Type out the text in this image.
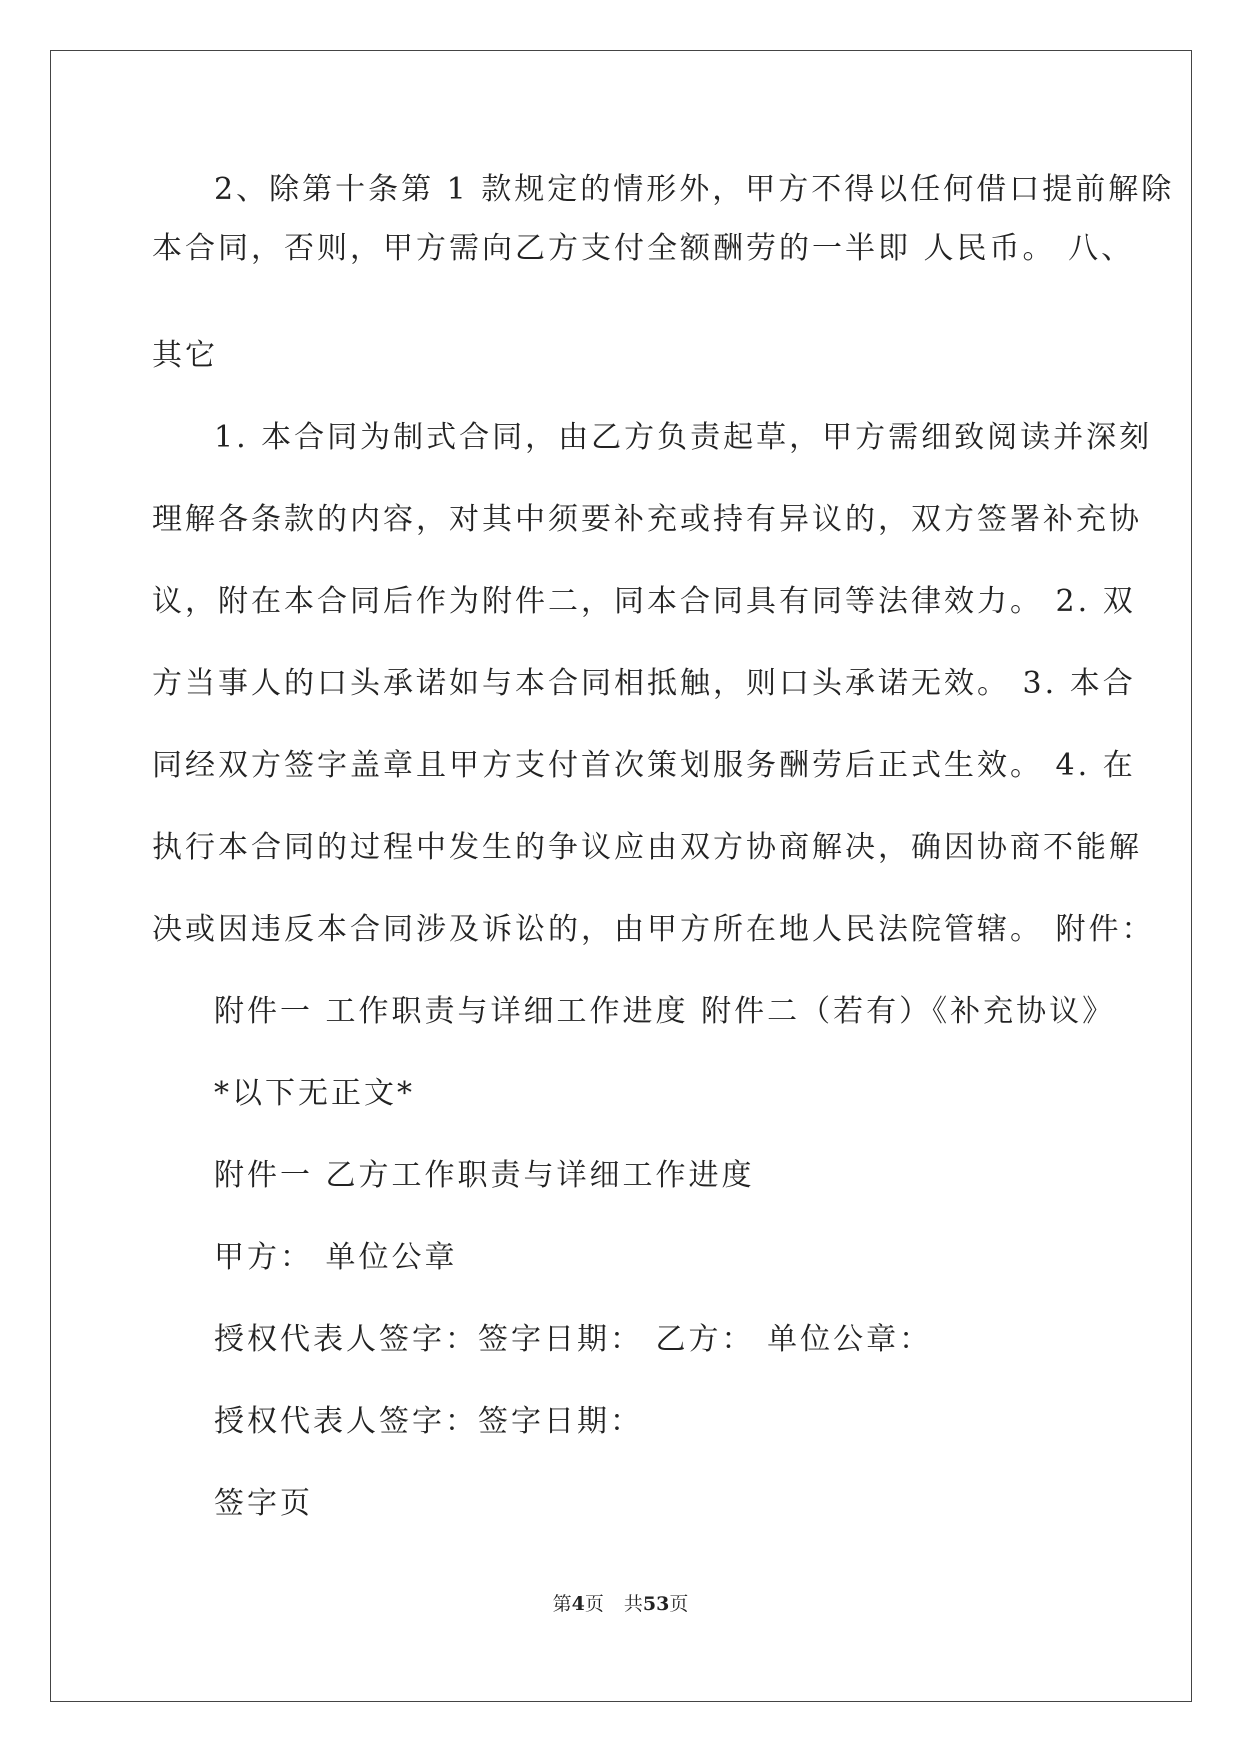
2、除第十条第 1 款规定的情形外，甲方不得以任何借口提前解除
本合同，否则，甲方需向乙方支付全额酬劳的一半即 人民币。 八、
其它
1. 本合同为制式合同，由乙方负责起草，甲方需细致阅读并深刻
理解各条款的内容，对其中须要补充或持有异议的，双方签署补充协
议，附在本合同后作为附件二，同本合同具有同等法律效力。 2. 双
方当事人的口头承诺如与本合同相抵触，则口头承诺无效。 3. 本合
同经双方签字盖章且甲方支付首次策划服务酬劳后正式生效。 4. 在
执行本合同的过程中发生的争议应由双方协商解决，确因协商不能解
决或因违反本合同涉及诉讼的，由甲方所在地人民法院管辖。 附件：
附件一 工作职责与详细工作进度 附件二（若有）《补充协议》
*以下无正文*
附件一 乙方工作职责与详细工作进度
甲方： 单位公章
授权代表人签字：签字日期： 乙方： 单位公章：
授权代表人签字：签字日期：
签字页
第4页 共53页
